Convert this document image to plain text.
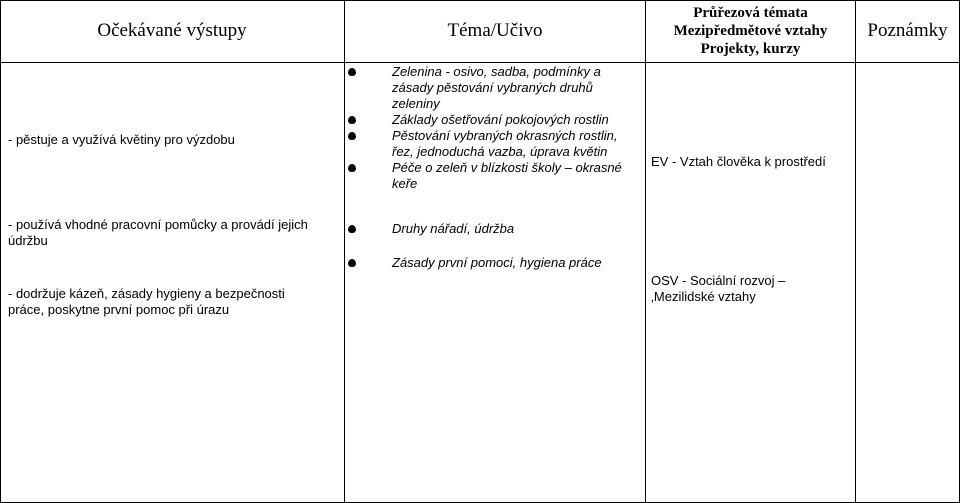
Očekávané výstupy	Téma/Učivo
Průřezová témata
Mezipředmětové vztahy
Projekty, kurzy
Poznámky
- pěstuje a využívá květiny pro výzdobu
Zelenina - osivo, sadba, podmínky a zásady pěstování vybraných druhů zeleniny
Základy ošetřování pokojových rostlin
Pěstování vybraných okrasných rostlin, řez, jednoduchá vazba, úprava květin
Péče o zeleň v blízkosti školy – okrasné keře
EV - Vztah člověka k prostředí
- používá vhodné pracovní pomůcky a provádí jejich údržbu
- dodržuje kázeň, zásady hygieny a bezpečnosti práce, poskytne první pomoc při úrazu
Druhy nářadí, údržba
Zásady první pomoci, hygiena práce
OSV - Sociální rozvoj –
‚Mezilidské vztahy
